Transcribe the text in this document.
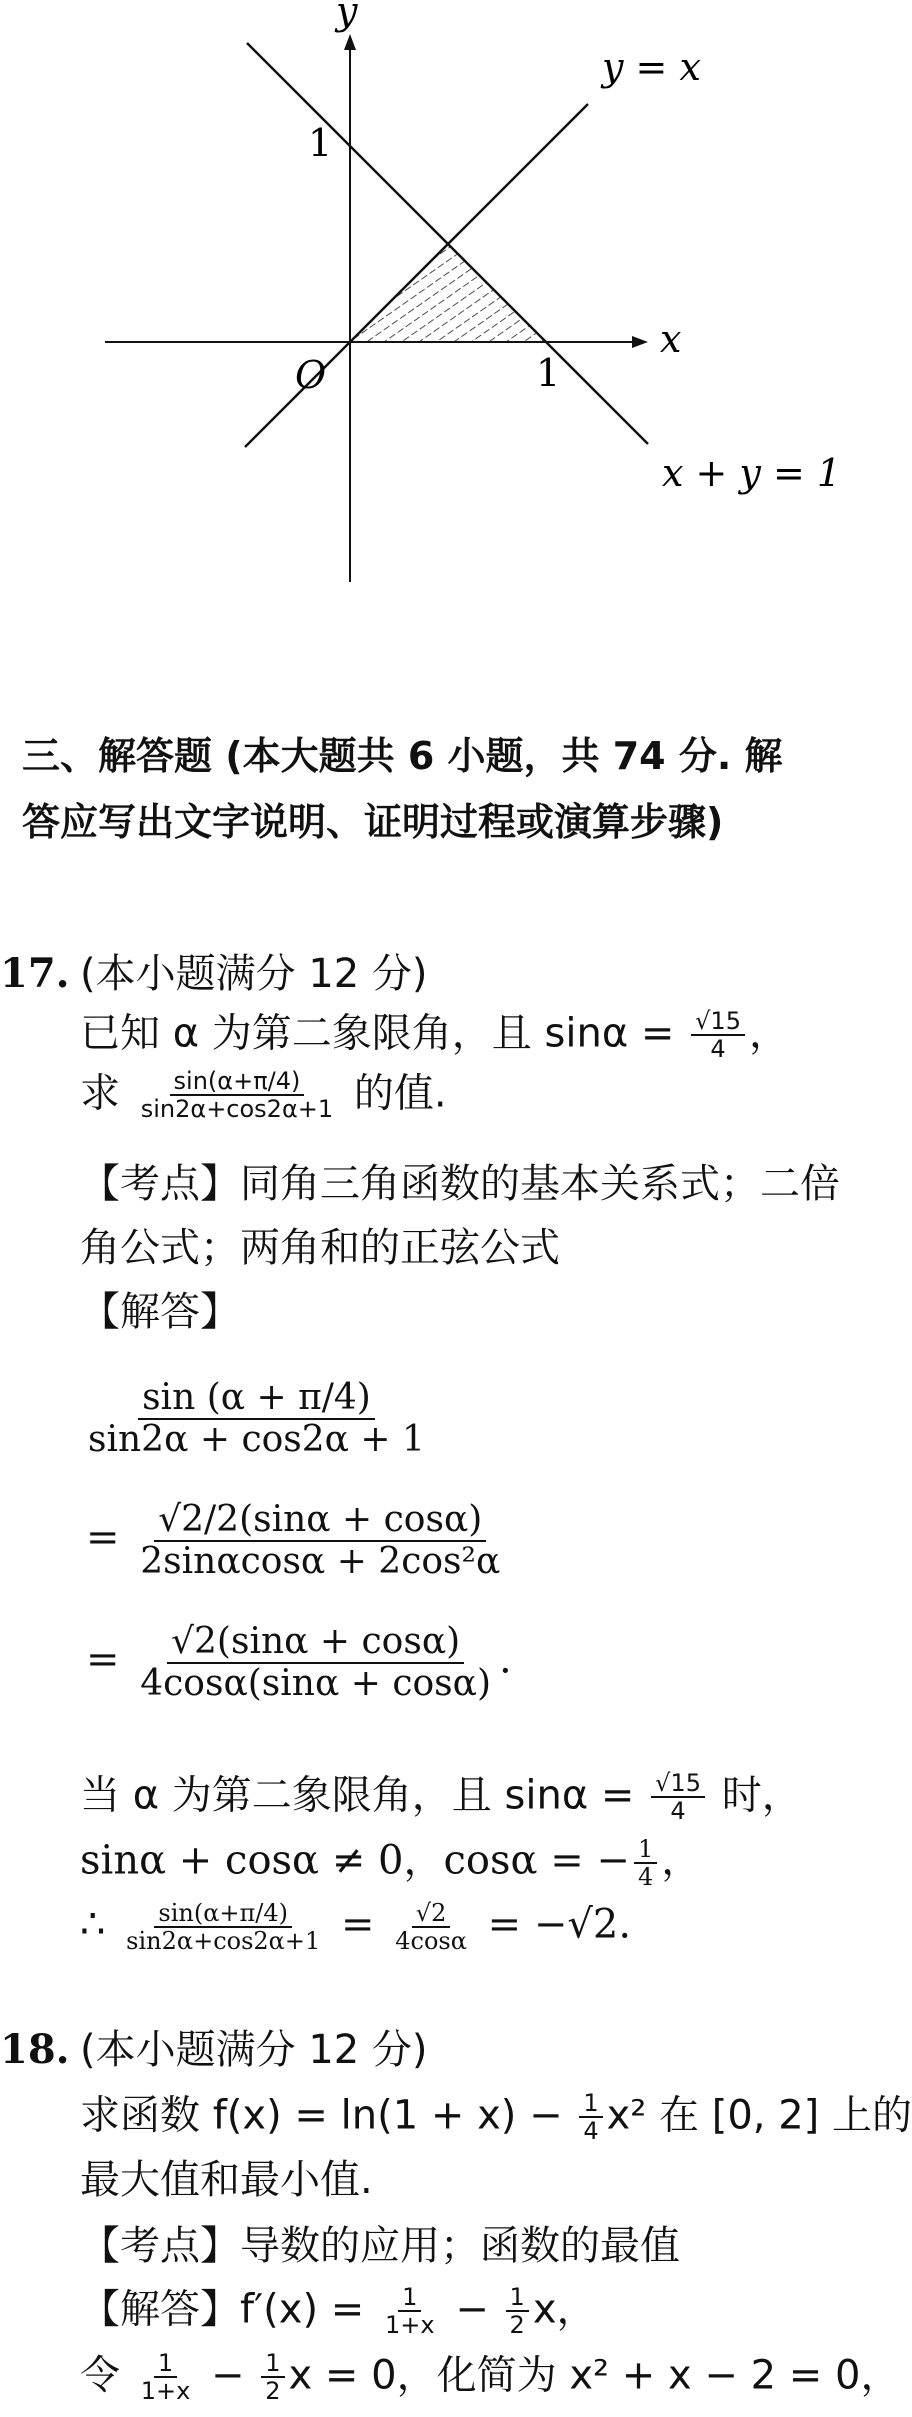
y
x
O
1
1
y = x
x + y = 1
三、解答题 (本大题共 6 小题，共 74 分. 解
答应写出文字说明、证明过程或演算步骤)
17. (本小题满分 12 分)
已知 α 为第二象限角，且 $\sin\alpha = \frac{√15}{4}$ ，
求 $\frac{\sin(\alpha+\pi/4)}{\sin 2\alpha+\cos 2\alpha+1}$ 的值.
【考点】同角三角函数的基本关系式；二倍
角公式；两角和的正弦公式
【解答】
$\frac{\sin (\alpha + \pi/4)}{\sin 2\alpha + \cos 2\alpha + 1}$
= $\frac{√2/2(\sin\alpha + \cos\alpha)}{\text{2sinαcosα + 2cos²α}}$
= $\frac{√2(\sin\alpha + \cos\alpha)}{4\cos\alpha(\sin\alpha + \cos\alpha)}$ .
当 α 为第二象限角，且 $\sin\alpha = \frac{√15}{4}$ 时，
sinα + cosα ≠ 0，cosα = − $\frac{1}{4}$ ，
∴ $\frac{\sin(\alpha+\pi/4)}{\sin 2\alpha+\cos 2\alpha+1} = \frac{√2}{4\cos\alpha} = -√2$.
18. (本小题满分 12 分)
求函数 $f(x) = \ln(1 + x) - \frac{1}{4} x^2$ 在 [0, 2] 上的
最大值和最小值.
【考点】导数的应用；函数的最值
【解答】$f'(x) = \frac{1}{1+x} - \frac{1}{2}$ x，
令 $\frac{1}{1+x} - \frac{1}{2}$ x = 0，化简为 x² + x − 2 = 0，
